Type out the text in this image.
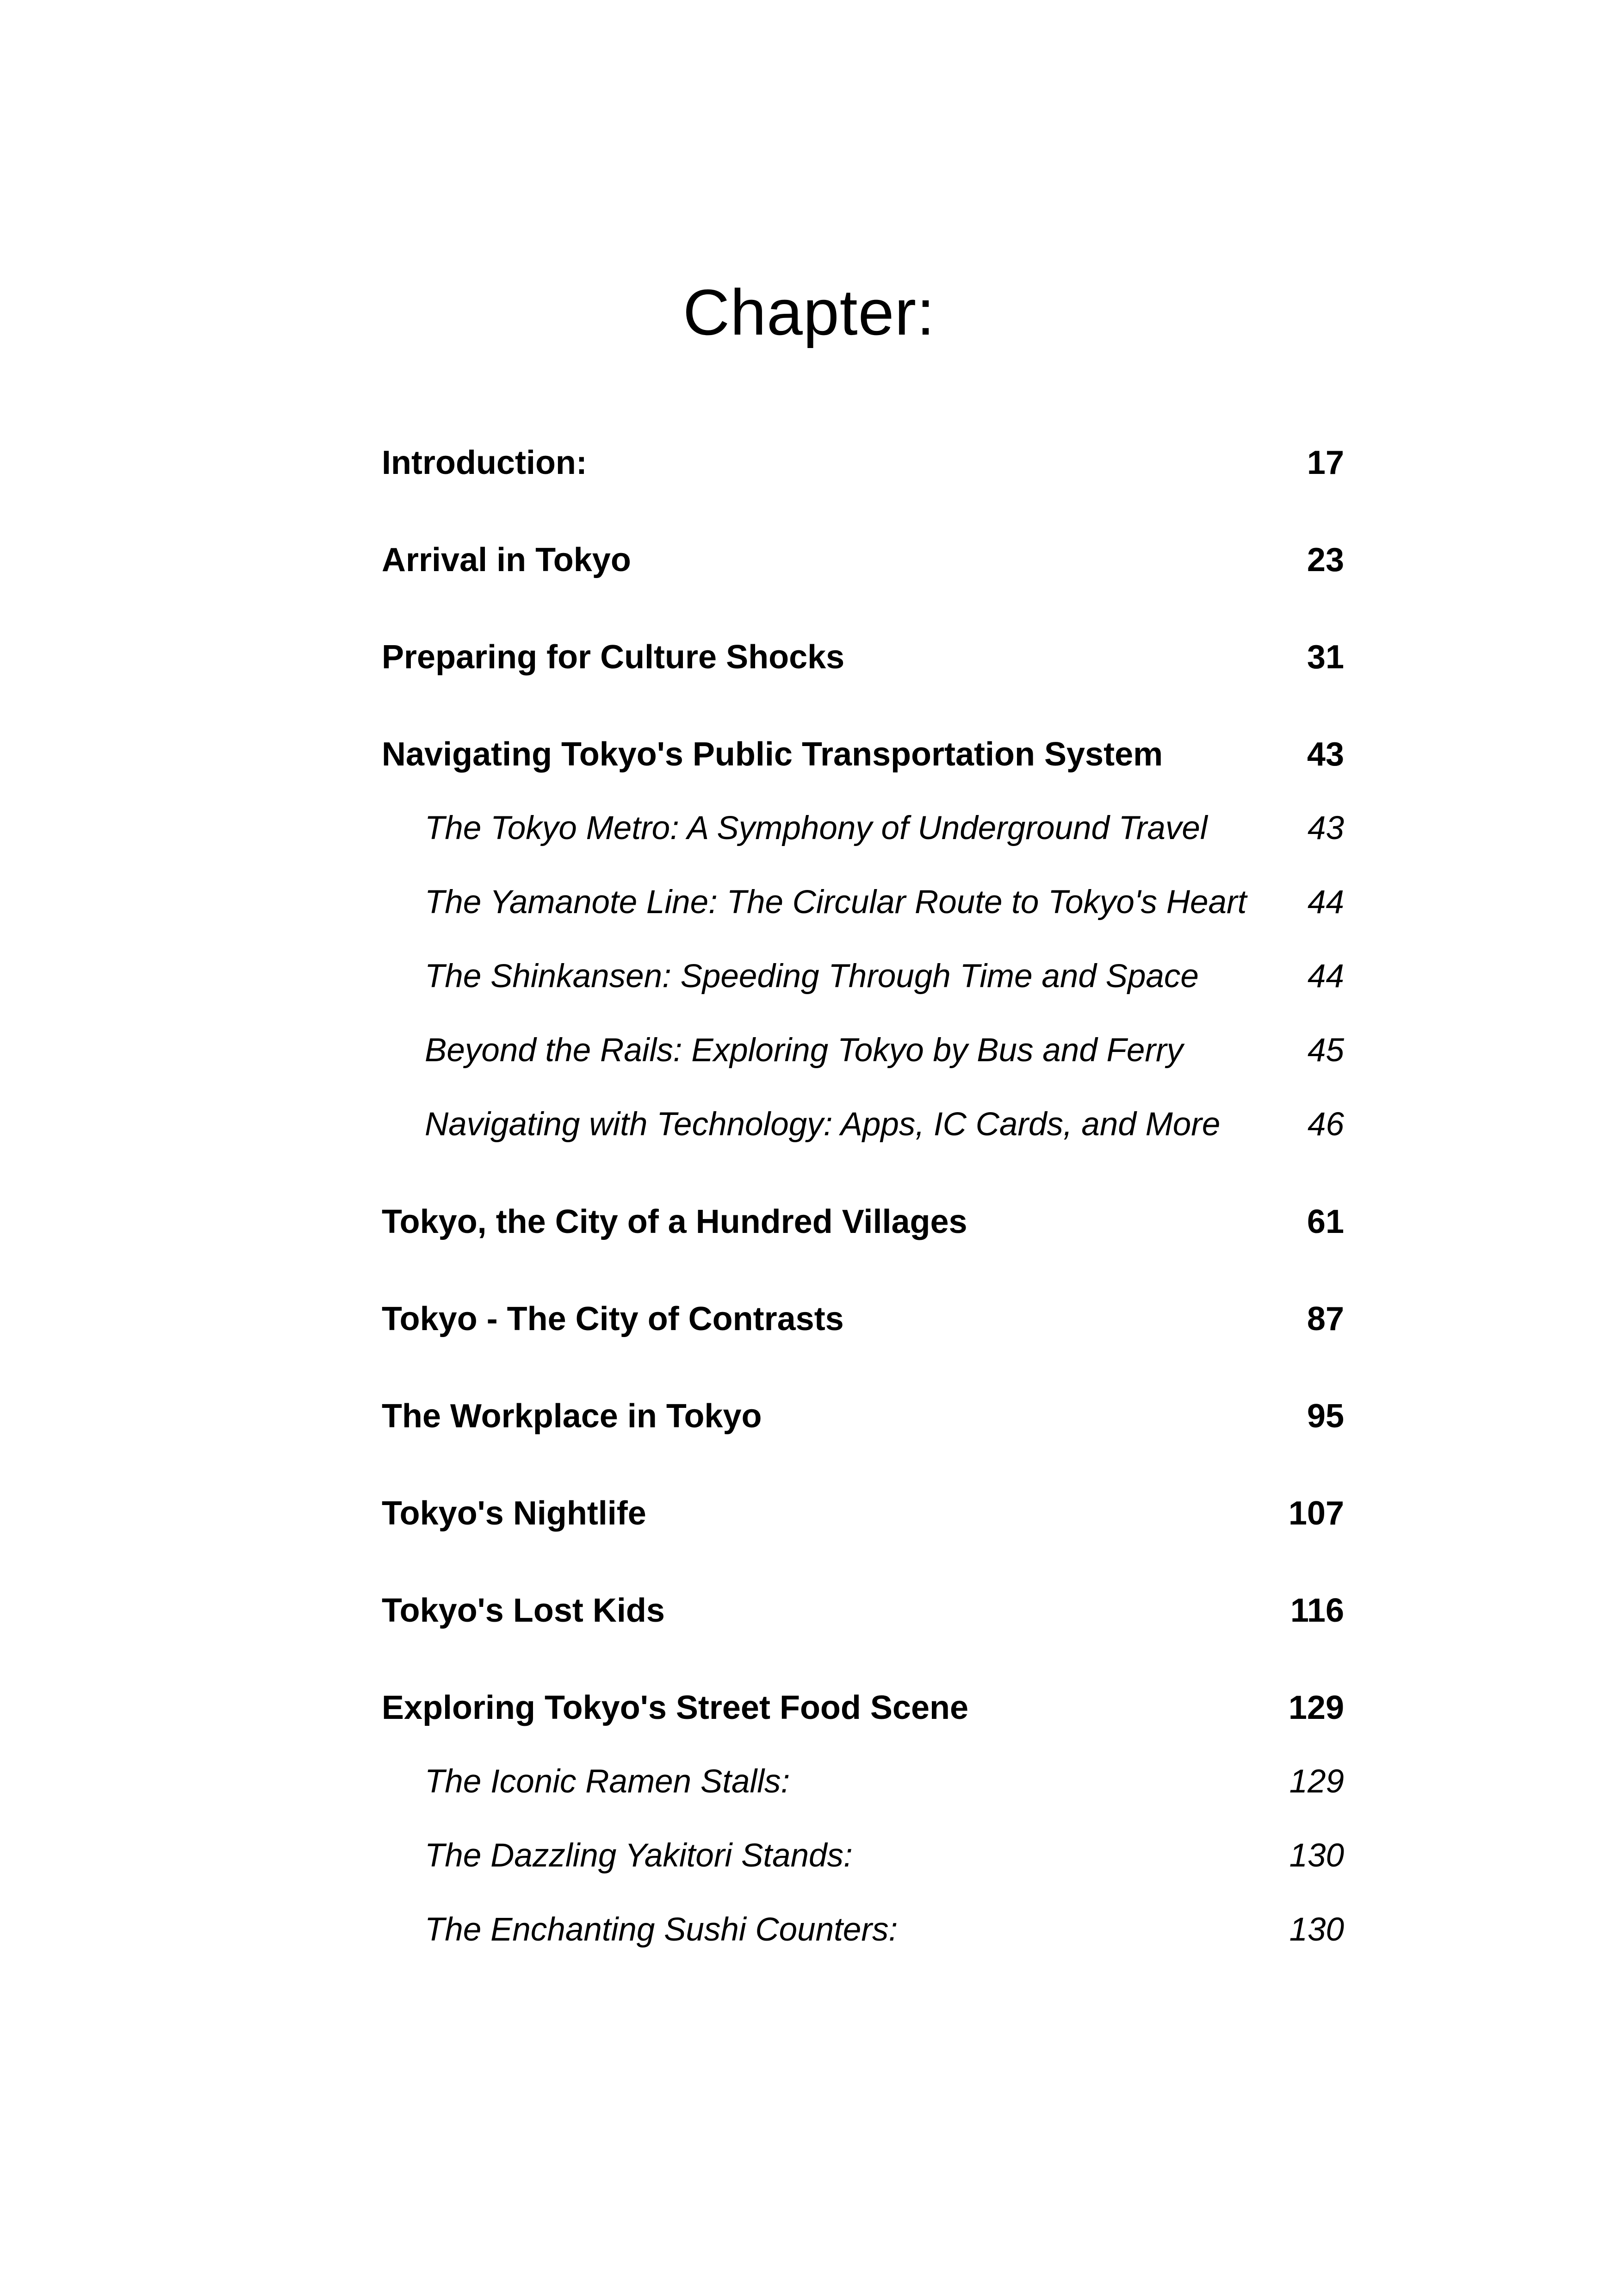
Chapter:
Introduction:	17
Arrival in Tokyo	23
Preparing for Culture Shocks	31
Navigating Tokyo's Public Transportation System	43
The Tokyo Metro: A Symphony of Underground Travel	43
The Yamanote Line: The Circular Route to Tokyo's Heart 44
The Shinkansen: Speeding Through Time and Space	44
Beyond the Rails: Exploring Tokyo by Bus and Ferry	45
Navigating with Technology: Apps, IC Cards, and More	46
Tokyo, the City of a Hundred Villages	61
Tokyo - The City of Contrasts	87
The Workplace in Tokyo	95
Tokyo's Nightlife	107
Tokyo's Lost Kids	116
Exploring Tokyo's Street Food Scene	129
The Iconic Ramen Stalls:	129
The Dazzling Yakitori Stands:	130
The Enchanting Sushi Counters:	130
